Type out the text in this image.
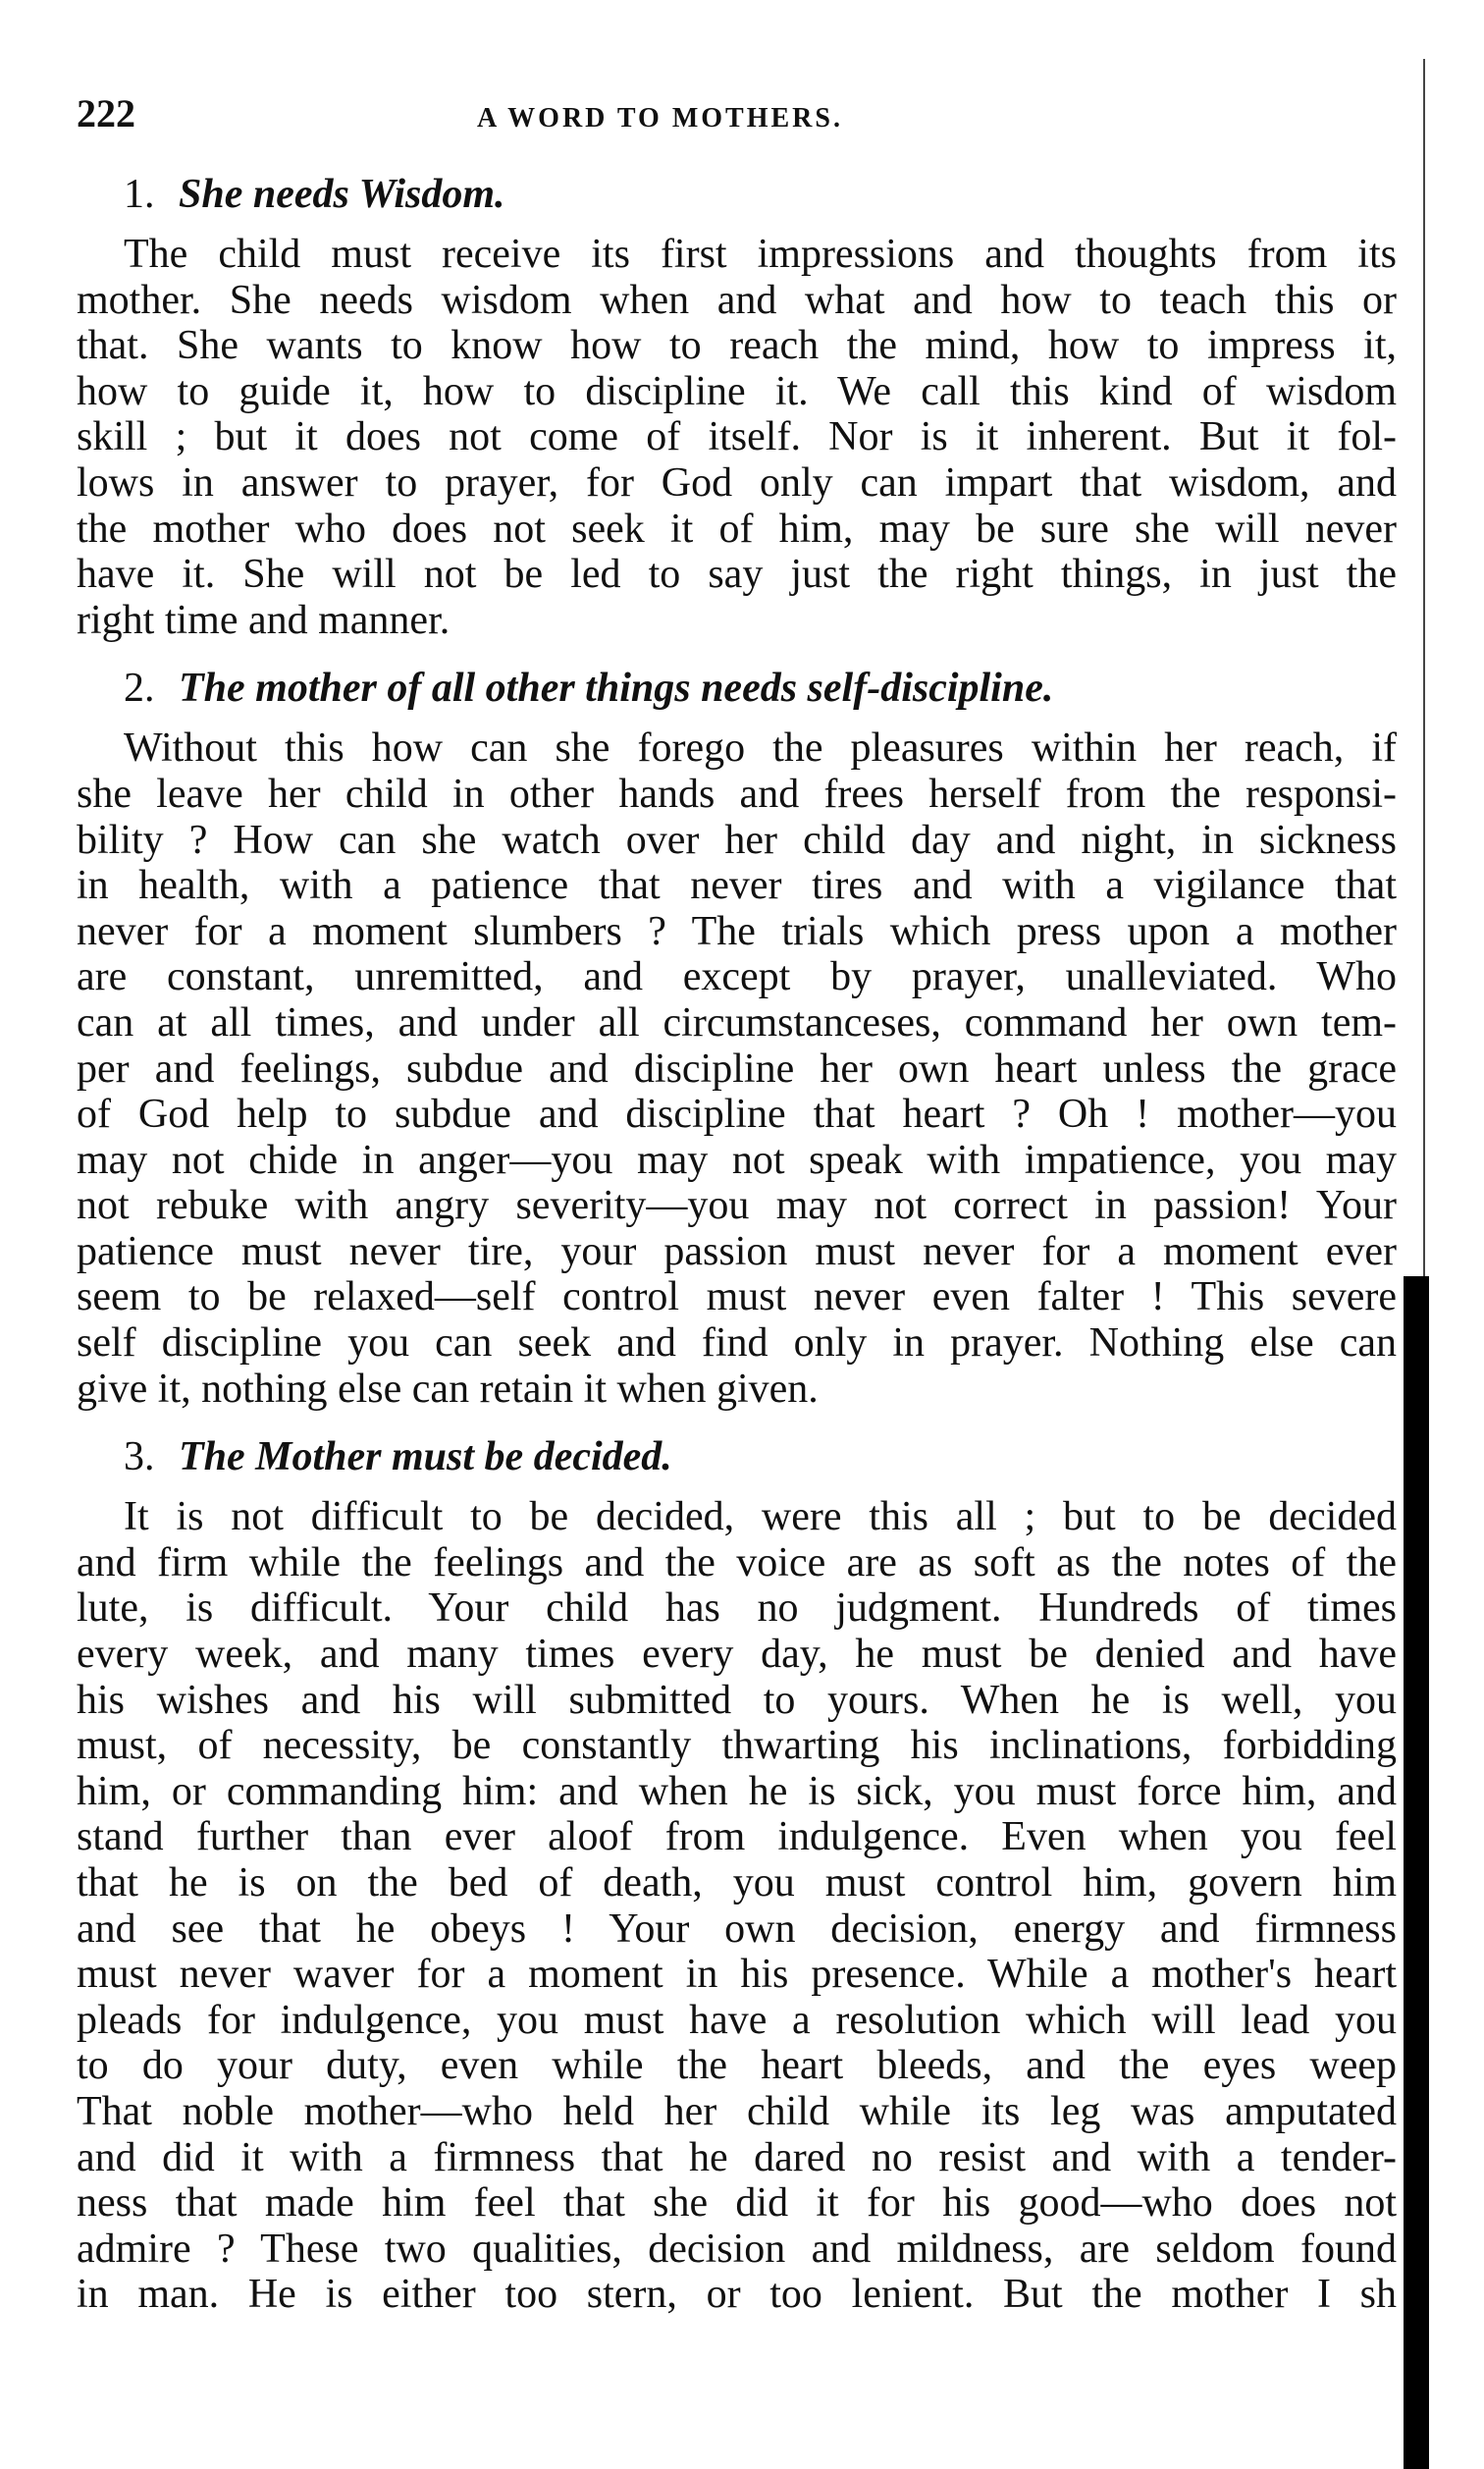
222	A WORD TO MOTHERS.
1. She needs Wisdom.

The child must receive its first impressions and thoughts from its
mother. She needs wisdom when and what and how to teach this or
that. She wants to know how to reach the mind, how to impress it,
how to guide it, how to discipline it. We call this kind of wisdom
skill ; but it does not come of itself. Nor is it inherent. But it fol-
lows in answer to prayer, for God only can impart that wisdom, and
the mother who does not seek it of him, may be sure she will never
have it. She will not be led to say just the right things, in just the
right time and manner.

2. The mother of all other things needs self-discipline.

Without this how can she forego the pleasures within her reach, if
she leave her child in other hands and frees herself from the responsi-
bility ? How can she watch over her child day and night, in sickness
in health, with a patience that never tires and with a vigilance that
never for a moment slumbers ? The trials which press upon a mother
are constant, unremitted, and except by prayer, unalleviated. Who
can at all times, and under all circumstanceses, command her own tem-
per and feelings, subdue and discipline her own heart unless the grace
of God help to subdue and discipline that heart ? Oh ! mother—you
may not chide in anger—you may not speak with impatience, you may
not rebuke with angry severity—you may not correct in passion! Your
patience must never tire, your passion must never for a moment ever
seem to be relaxed—self control must never even falter ! This severe
self discipline you can seek and find only in prayer. Nothing else can
give it, nothing else can retain it when given.

3. The Mother must be decided.

It is not difficult to be decided, were this all ; but to be decided
and firm while the feelings and the voice are as soft as the notes of the
lute, is difficult. Your child has no judgment. Hundreds of times
every week, and many times every day, he must be denied and have
his wishes and his will submitted to yours. When he is well, you
must, of necessity, be constantly thwarting his inclinations, forbidding
him, or commanding him: and when he is sick, you must force him, and
stand further than ever aloof from indulgence. Even when you feel
that he is on the bed of death, you must control him, govern him
and see that he obeys ! Your own decision, energy and firmness
must never waver for a moment in his presence. While a mother's heart
pleads for indulgence, you must have a resolution which will lead you
to do your duty, even while the heart bleeds, and the eyes weep
That noble mother—who held her child while its leg was amputated
and did it with a firmness that he dared no resist and with a tender-
ness that made him feel that she did it for his good—who does not
admire ? These two qualities, decision and mildness, are seldom found
in man. He is either too stern, or too lenient. But the mother I sh
